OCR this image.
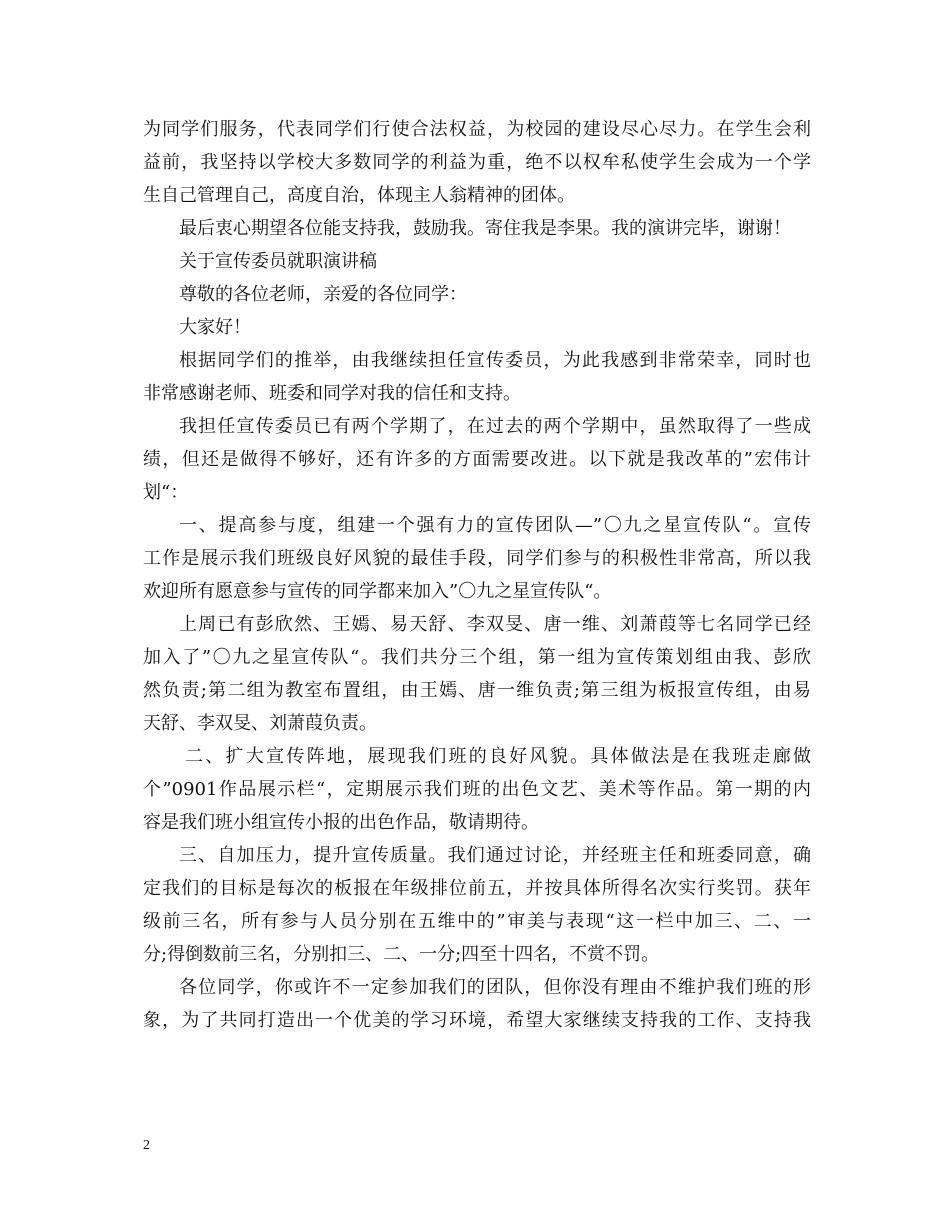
为同学们服务，代表同学们行使合法权益，为校园的建设尽心尽力。在学生会利
益前，我坚持以学校大多数同学的利益为重，绝不以权牟私使学生会成为一个学
生自己管理自己，高度自治，体现主人翁精神的团体。
最后衷心期望各位能支持我，鼓励我。寄住我是李果。我的演讲完毕，谢谢！
关于宣传委员就职演讲稿
尊敬的各位老师，亲爱的各位同学：
大家好！
根据同学们的推举，由我继续担任宣传委员，为此我感到非常荣幸，同时也
非常感谢老师、班委和同学对我的信任和支持。
我担任宣传委员已有两个学期了，在过去的两个学期中，虽然取得了一些成
绩，但还是做得不够好，还有许多的方面需要改进。以下就是我改革的”宏伟计
划“：
一、提高参与度，组建一个强有力的宣传团队—”〇九之星宣传队“。宣传
工作是展示我们班级良好风貌的最佳手段，同学们参与的积极性非常高，所以我
欢迎所有愿意参与宣传的同学都来加入”〇九之星宣传队“。
上周已有彭欣然、王嫣、易天舒、李双旻、唐一维、刘萧葭等七名同学已经
加入了”〇九之星宣传队“。我们共分三个组，第一组为宣传策划组由我、彭欣
然负责;第二组为教室布置组，由王嫣、唐一维负责;第三组为板报宣传组，由易
天舒、李双旻、刘萧葭负责。
二、扩大宣传阵地，展现我们班的良好风貌。具体做法是在我班走廊做
个”0901作品展示栏“，定期展示我们班的出色文艺、美术等作品。第一期的内
容是我们班小组宣传小报的出色作品，敬请期待。
三、自加压力，提升宣传质量。我们通过讨论，并经班主任和班委同意，确
定我们的目标是每次的板报在年级排位前五，并按具体所得名次实行奖罚。获年
级前三名，所有参与人员分别在五维中的”审美与表现“这一栏中加三、二、一
分;得倒数前三名，分别扣三、二、一分;四至十四名，不赏不罚。
各位同学，你或许不一定参加我们的团队，但你没有理由不维护我们班的形
象，为了共同打造出一个优美的学习环境，希望大家继续支持我的工作、支持我
2
